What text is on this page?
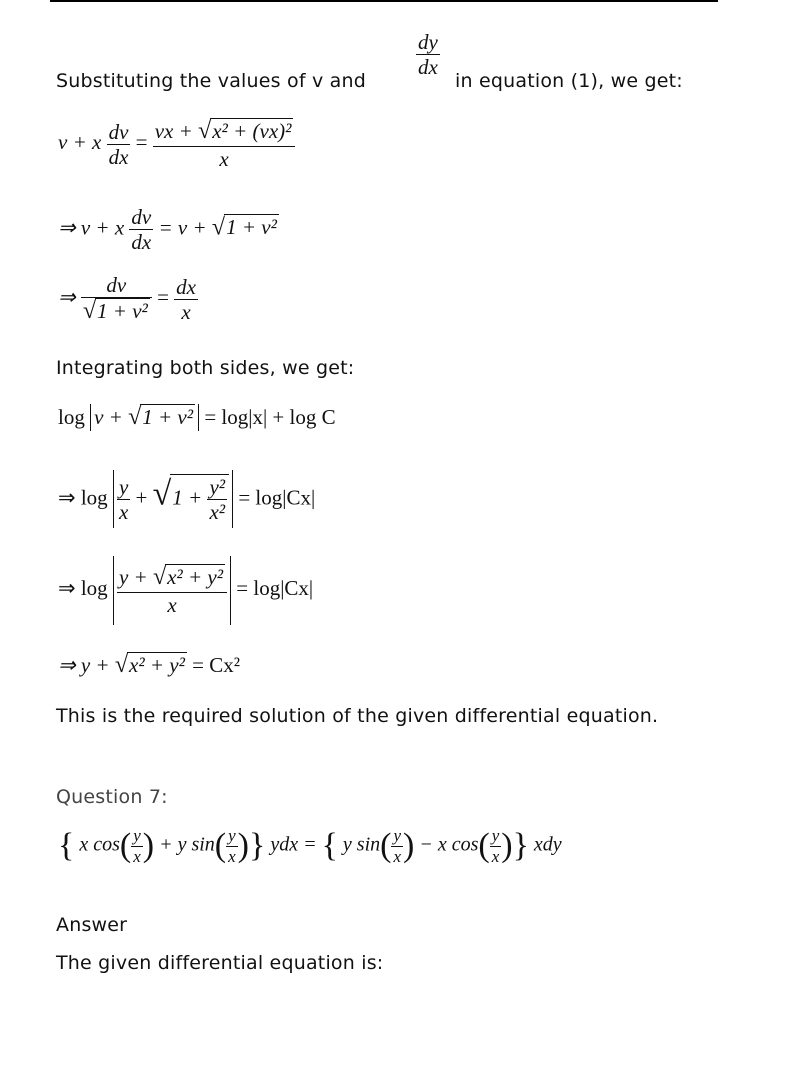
$\frac{dy}{dx}$
Substituting the values of v and	in equation (1), we get:
v + x $\frac{dv}{dx} = \frac{\text{vx + √x² + (vx)²}}{x}$
⇒ v + x $\frac{dv}{dx} = v + √1 + v^2$
⇒ $\frac{dv}{\text{√1 + v²}} = \frac{dx}{x}$
Integrating both sides, we get:
log v + √1 + v² = log|x| + log C
⇒ $\log \frac{y}{x} + √1 + \frac{\text{y²}}{\text{x²}} = \log|Cx|$
⇒ $\log \frac{\text{y + √x² + y²}}{x} = \log|Cx|$
⇒ y + √x² + y² = Cx²
This is the required solution of the given differential equation.
Question 7:
{ x $\cos( \frac{y}{x}$ ) + y $\sin( \frac{y}{x}$ )} ydx = { y $\sin( \frac{y}{x}$ ) − x $\cos( \frac{y}{x}$ )} xdy
Answer
The given differential equation is:
